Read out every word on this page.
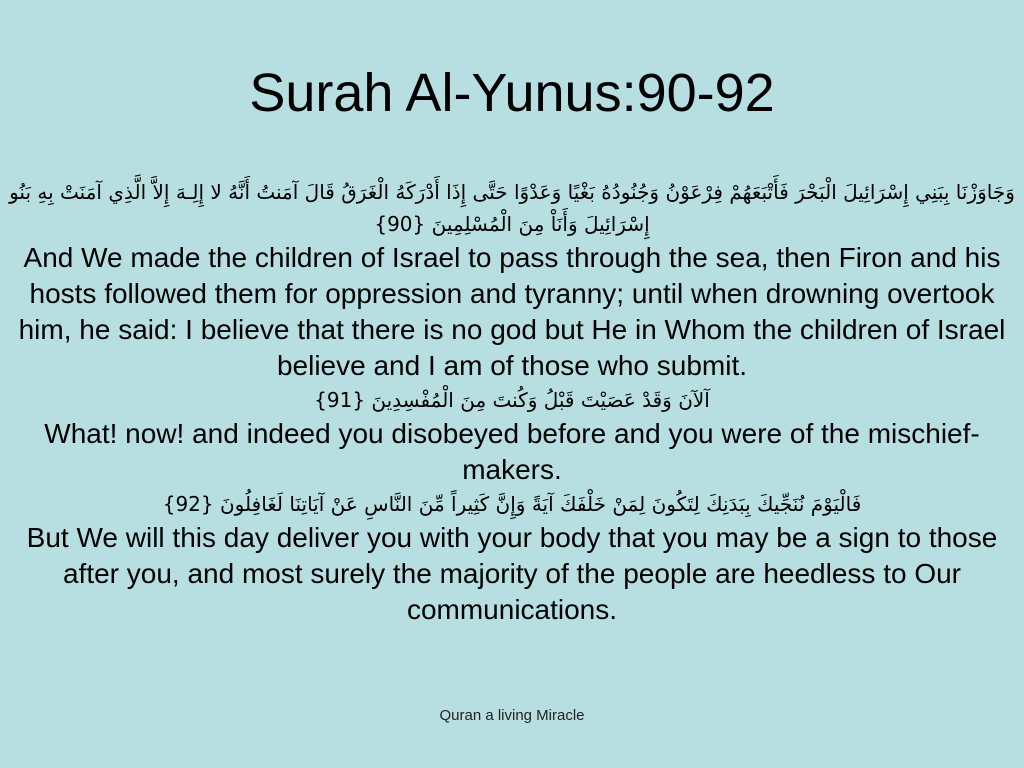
Surah Al-Yunus:90-92

وَجَاوَزْنَا بِبَنِي إِسْرَائِيلَ الْبَحْرَ فَأَتْبَعَهُمْ فِرْعَوْنُ وَجُنُودُهُ بَغْيًا وَعَدْوًا حَتَّى إِذَا أَدْرَكَهُ الْغَرَقُ قَالَ آمَنتُ أَنَّهُ لا إِلِـهَ إِلاَّ الَّذِي آمَنَتْ بِهِ بَنُو إِسْرَائِيلَ وَأَنَاْ مِنَ الْمُسْلِمِينَ {90}

And We made the children of Israel to pass through the sea, then Firon and his hosts followed them for oppression and tyranny; until when drowning overtook him, he said: I believe that there is no god but He in Whom the children of Israel believe and I am of those who submit.

آلآنَ وَقَدْ عَصَيْتَ قَبْلُ وَكُنتَ مِنَ الْمُفْسِدِينَ {91}

What! now! and indeed you disobeyed before and you were of the mischief-makers.

فَالْيَوْمَ نُنَجِّيكَ بِبَدَنِكَ لِتَكُونَ لِمَنْ خَلْفَكَ آيَةً وَإِنَّ كَثِيراً مِّنَ النَّاسِ عَنْ آيَاتِنَا لَغَافِلُونَ {92}

But We will this day deliver you with your body that you may be a sign to those after you, and most surely the majority of the people are heedless to Our communications.

Quran a living Miracle
